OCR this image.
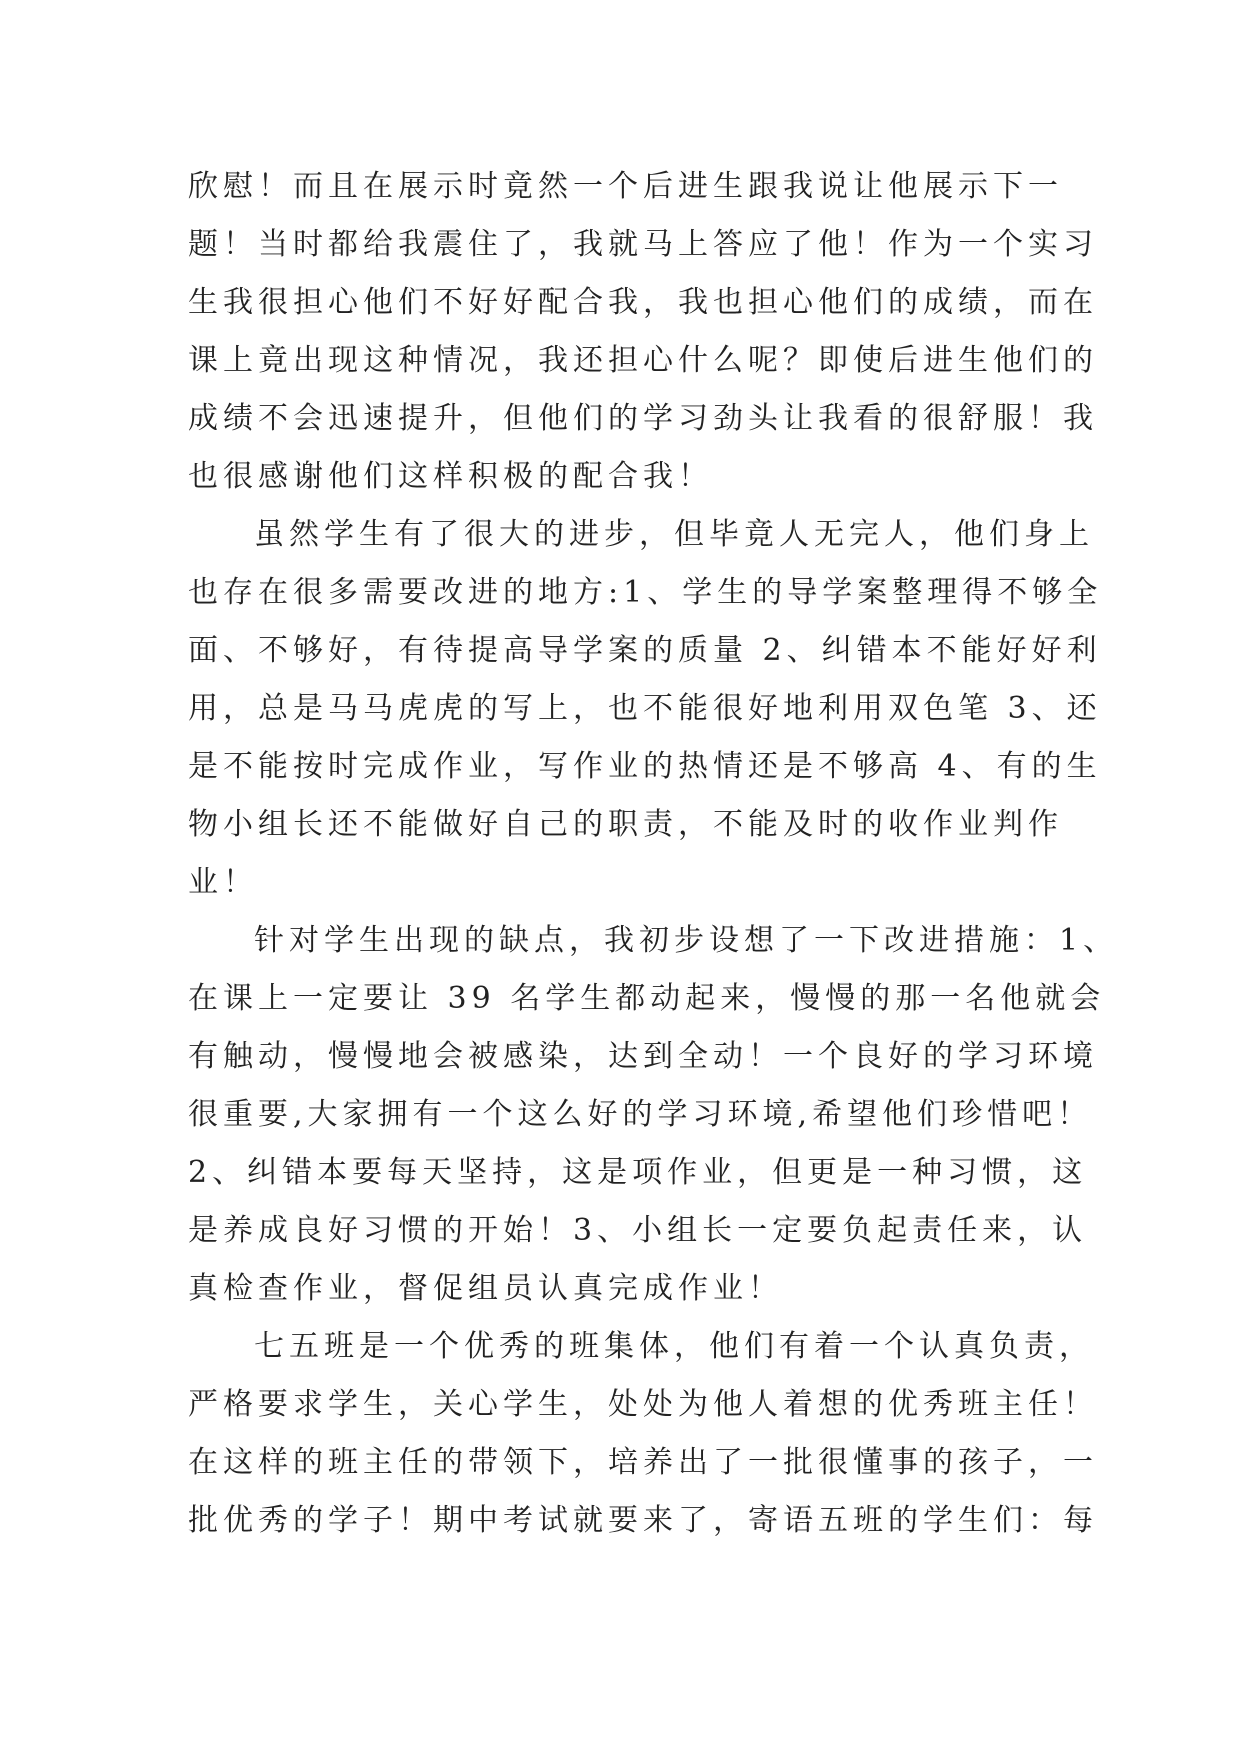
欣慰！而且在展示时竟然一个后进生跟我说让他展示下一
题！当时都给我震住了，我就马上答应了他！作为一个实习
生我很担心他们不好好配合我，我也担心他们的成绩，而在
课上竟出现这种情况，我还担心什么呢？即使后进生他们的
成绩不会迅速提升，但他们的学习劲头让我看的很舒服！我
也很感谢他们这样积极的配合我！
虽然学生有了很大的进步，但毕竟人无完人，他们身上
也存在很多需要改进的地方:1、学生的导学案整理得不够全
面、不够好，有待提高导学案的质量 2、纠错本不能好好利
用，总是马马虎虎的写上，也不能很好地利用双色笔 3、还
是不能按时完成作业，写作业的热情还是不够高 4、有的生
物小组长还不能做好自己的职责，不能及时的收作业判作
业！
针对学生出现的缺点，我初步设想了一下改进措施：1、
在课上一定要让 39 名学生都动起来，慢慢的那一名他就会
有触动，慢慢地会被感染，达到全动！一个良好的学习环境
很重要,大家拥有一个这么好的学习环境,希望他们珍惜吧！
2、纠错本要每天坚持，这是项作业，但更是一种习惯，这
是养成良好习惯的开始！3、小组长一定要负起责任来，认
真检查作业，督促组员认真完成作业！
七五班是一个优秀的班集体，他们有着一个认真负责，
严格要求学生，关心学生，处处为他人着想的优秀班主任！
在这样的班主任的带领下，培养出了一批很懂事的孩子，一
批优秀的学子！期中考试就要来了，寄语五班的学生们：每
